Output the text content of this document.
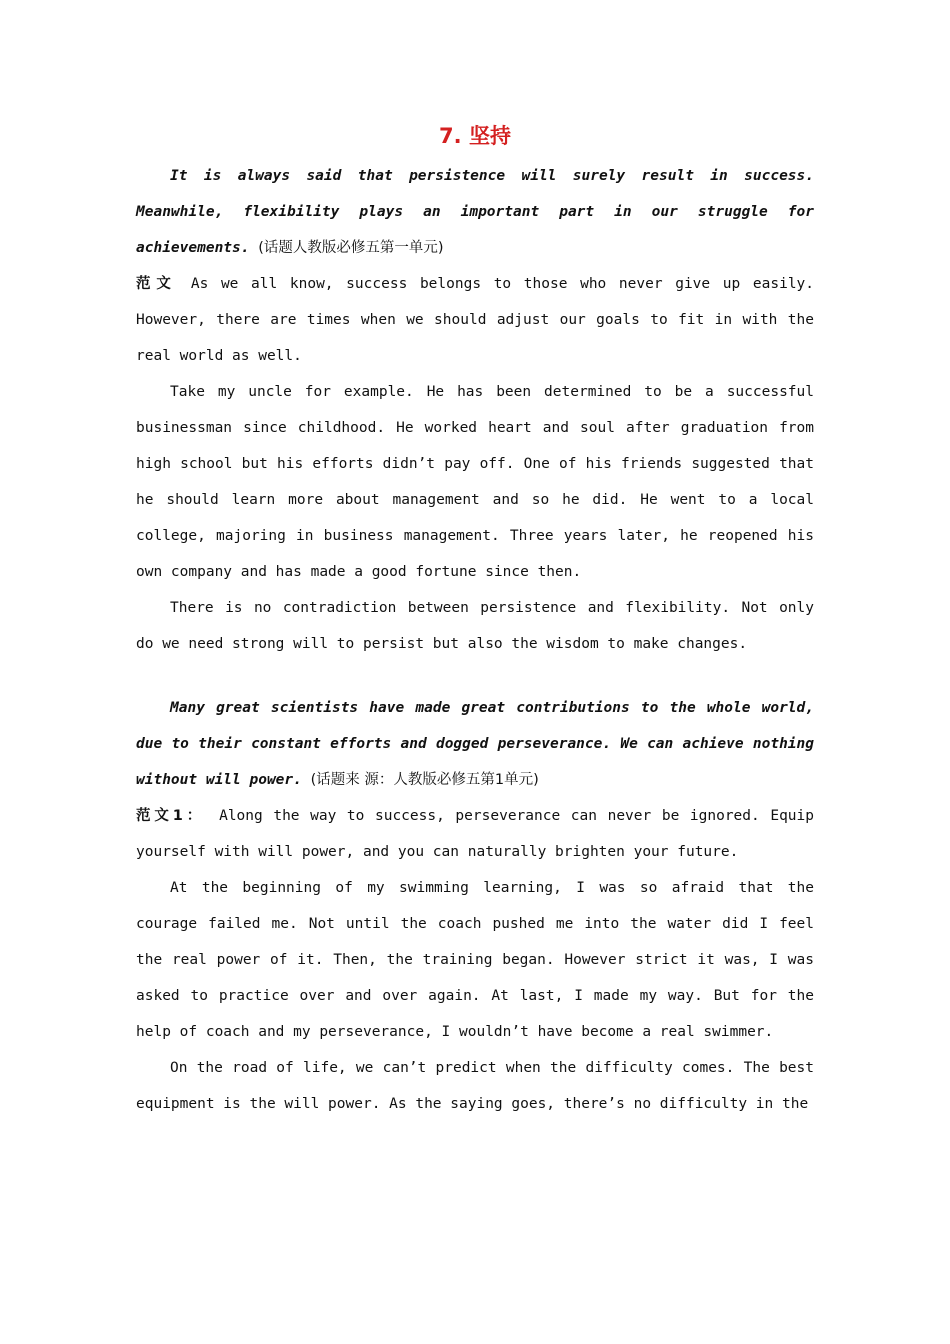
7. 坚持

It is always said that persistence will surely result in success. Meanwhile, flexibility plays an important part in our struggle for achievements. (话题人教版必修五第一单元)

范文 As we all know, success belongs to those who never give up easily. However, there are times when we should adjust our goals to fit in with the real world as well.

Take my uncle for example. He has been determined to be a successful businessman since childhood. He worked heart and soul after graduation from high school but his efforts didn’t pay off. One of his friends suggested that he should learn more about management and so he did. He went to a local college, majoring in business management. Three years later, he reopened his own company and has made a good fortune since then.

There is no contradiction between persistence and flexibility. Not only do we need strong will to persist but also the wisdom to make changes.

Many great scientists have made great contributions to the whole world, due to their constant efforts and dogged perseverance. We can achieve nothing without will power. (话题来 源：人教版必修五第1单元)

范文1： Along the way to success, perseverance can never be ignored. Equip yourself with will power, and you can naturally brighten your future.

At the beginning of my swimming learning, I was so afraid that the courage failed me. Not until the coach pushed me into the water did I feel the real power of it. Then, the training began. However strict it was, I was asked to practice over and over again. At last, I made my way. But for the help of coach and my perseverance, I wouldn’t have become a real swimmer.

On the road of life, we can’t predict when the difficulty comes. The best equipment is the will power. As the saying goes, there’s no difficulty in the
